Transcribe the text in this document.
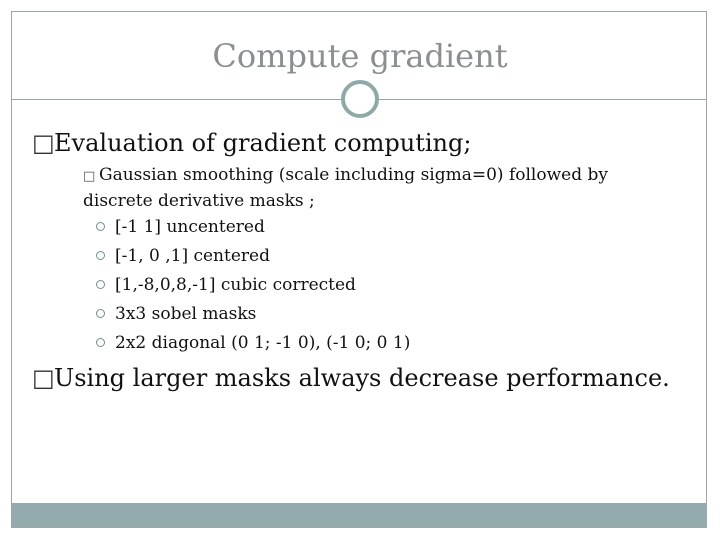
Compute gradient
□Evaluation of gradient computing;
□ Gaussian smoothing (scale including sigma=0) followed by discrete derivative masks ;
[-1 1] uncentered
[-1, 0 ,1] centered
[1,-8,0,8,-1] cubic corrected
3x3 sobel masks
2x2 diagonal (0 1; -1 0), (-1 0; 0 1)
□Using larger masks always decrease performance.
